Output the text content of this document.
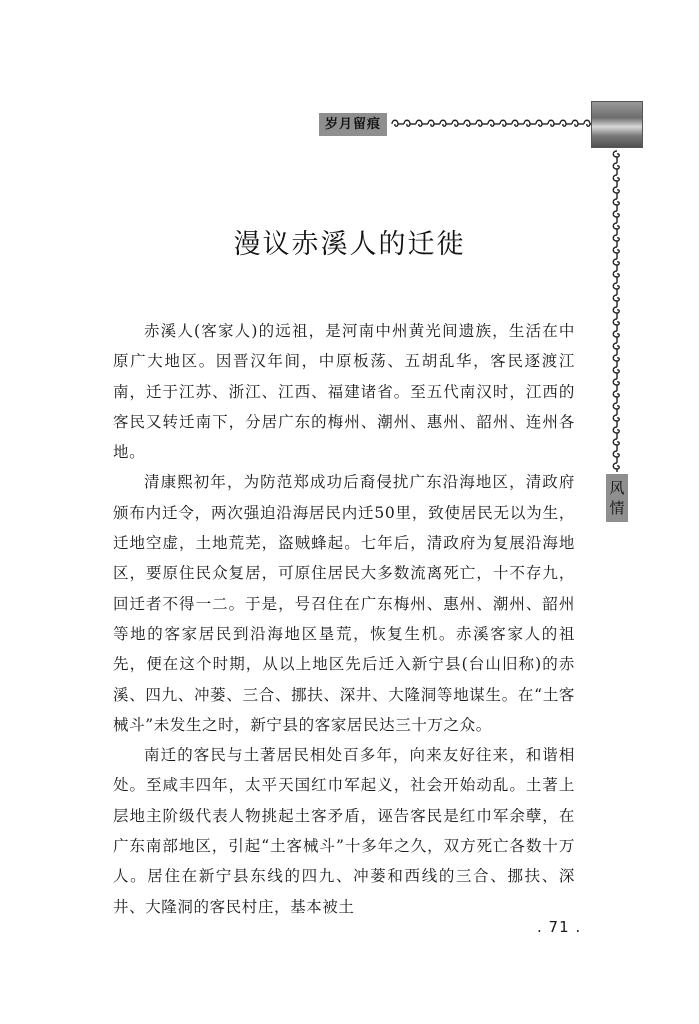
岁月留痕
风
情
漫议赤溪人的迁徙

赤溪人(客家人)的远祖，是河南中州黄光间遗族，生活在中原广大地区。因晋汉年间，中原板荡、五胡乱华，客民逐渡江南，迁于江苏、浙江、江西、福建诸省。至五代南汉时，江西的客民又转迁南下，分居广东的梅州、潮州、惠州、韶州、连州各地。

清康熙初年，为防范郑成功后裔侵扰广东沿海地区，清政府颁布内迁令，两次强迫沿海居民内迁50里，致使居民无以为生，迁地空虚，土地荒芜，盗贼蜂起。七年后，清政府为复展沿海地区，要原住民众复居，可原住居民大多数流离死亡，十不存九，回迁者不得一二。于是，号召住在广东梅州、惠州、潮州、韶州等地的客家居民到沿海地区垦荒，恢复生机。赤溪客家人的祖先，便在这个时期，从以上地区先后迁入新宁县(台山旧称)的赤溪、四九、冲蒌、三合、挪扶、深井、大隆洞等地谋生。在“土客械斗”未发生之时，新宁县的客家居民达三十万之众。

南迁的客民与土著居民相处百多年，向来友好往来，和谐相处。至咸丰四年，太平天国红巾军起义，社会开始动乱。土著上层地主阶级代表人物挑起土客矛盾，诬告客民是红巾军余孽，在广东南部地区，引起“土客械斗”十多年之久，双方死亡各数十万人。居住在新宁县东线的四九、冲蒌和西线的三合、挪扶、深井、大隆洞的客民村庄，基本被土

. 71 .
